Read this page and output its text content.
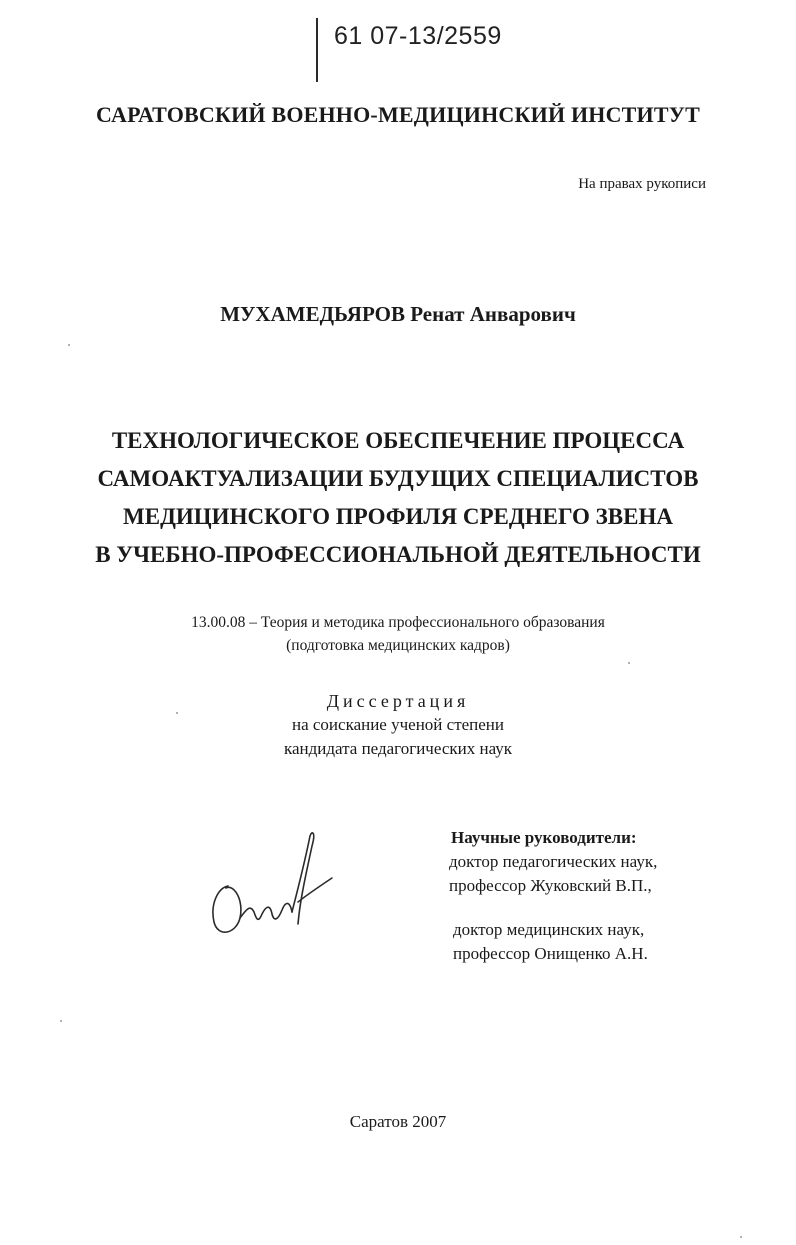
61 07-13/2559
САРАТОВСКИЙ ВОЕННО-МЕДИЦИНСКИЙ ИНСТИТУТ
На правах рукописи
МУХАМЕДЬЯРОВ Ренат Анварович
ТЕХНОЛОГИЧЕСКОЕ ОБЕСПЕЧЕНИЕ ПРОЦЕССА
САМОАКТУАЛИЗАЦИИ БУДУЩИХ СПЕЦИАЛИСТОВ
МЕДИЦИНСКОГО ПРОФИЛЯ СРЕДНЕГО ЗВЕНА
В УЧЕБНО-ПРОФЕССИОНАЛЬНОЙ ДЕЯТЕЛЬНОСТИ
13.00.08 – Теория и методика профессионального образования
(подготовка медицинских кадров)
Диссертация
на соискание ученой степени
кандидата педагогических наук
Научные руководители:
доктор педагогических наук,
профессор Жуковский В.П.,
доктор медицинских наук,
профессор Онищенко А.Н.
Саратов 2007
